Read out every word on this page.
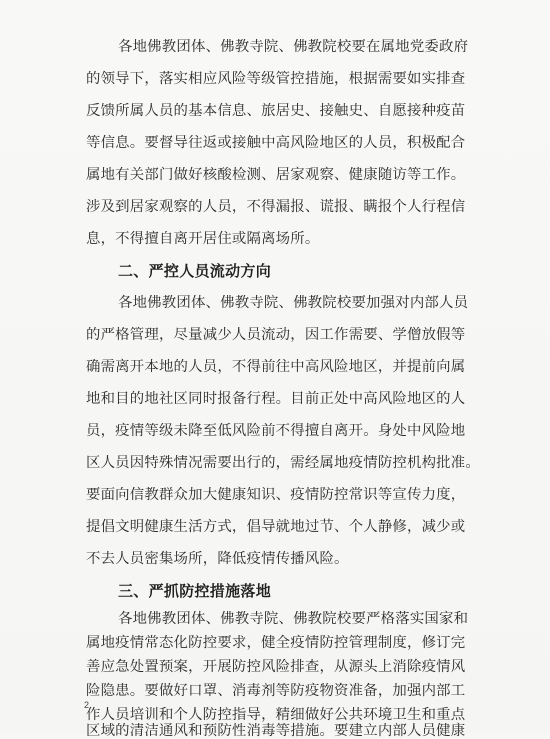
各地佛教团体、佛教寺院、佛教院校要在属地党委政府
的领导下，落实相应风险等级管控措施，根据需要如实排查
反馈所属人员的基本信息、旅居史、接触史、自愿接种疫苗
等信息。要督导往返或接触中高风险地区的人员，积极配合
属地有关部门做好核酸检测、居家观察、健康随访等工作。
涉及到居家观察的人员，不得漏报、谎报、瞒报个人行程信
息，不得擅自离开居住或隔离场所。
二、严控人员流动方向
各地佛教团体、佛教寺院、佛教院校要加强对内部人员
的严格管理，尽量减少人员流动，因工作需要、学僧放假等
确需离开本地的人员，不得前往中高风险地区，并提前向属
地和目的地社区同时报备行程。目前正处中高风险地区的人
员，疫情等级未降至低风险前不得擅自离开。身处中风险地
区人员因特殊情况需要出行的，需经属地疫情防控机构批准。
要面向信教群众加大健康知识、疫情防控常识等宣传力度，
提倡文明健康生活方式，倡导就地过节、个人静修，减少或
不去人员密集场所，降低疫情传播风险。
三、严抓防控措施落地
各地佛教团体、佛教寺院、佛教院校要严格落实国家和
属地疫情常态化防控要求，健全疫情防控管理制度，修订完
善应急处置预案，开展防控风险排查，从源头上消除疫情风
险隐患。要做好口罩、消毒剂等防疫物资准备，加强内部工
作人员培训和个人防控指导，精细做好公共环境卫生和重点
区域的清洁通风和预防性消毒等措施。要建立内部人员健康
2
